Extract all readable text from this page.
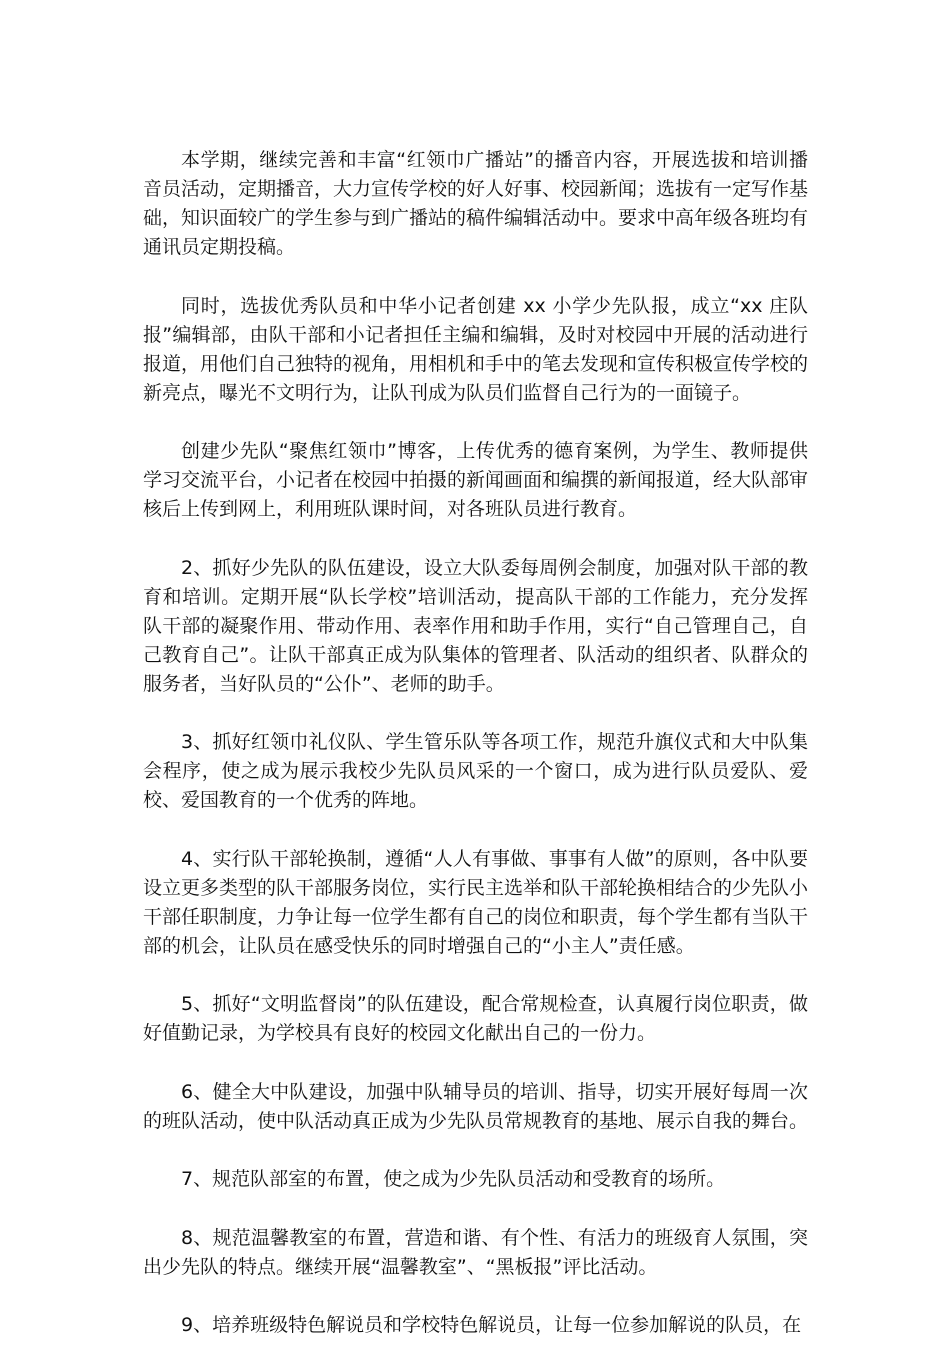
本学期，继续完善和丰富“红领巾广播站”的播音内容，开展选拔和培训播音员活动，定期播音，大力宣传学校的好人好事、校园新闻；选拔有一定写作基础，知识面较广的学生参与到广播站的稿件编辑活动中。要求中高年级各班均有通讯员定期投稿。

同时，选拔优秀队员和中华小记者创建 xx 小学少先队报，成立“xx 庄队报”编辑部，由队干部和小记者担任主编和编辑，及时对校园中开展的活动进行报道，用他们自己独特的视角，用相机和手中的笔去发现和宣传积极宣传学校的新亮点，曝光不文明行为，让队刊成为队员们监督自己行为的一面镜子。

创建少先队“聚焦红领巾”博客，上传优秀的德育案例，为学生、教师提供学习交流平台，小记者在校园中拍摄的新闻画面和编撰的新闻报道，经大队部审核后上传到网上，利用班队课时间，对各班队员进行教育。

2、抓好少先队的队伍建设，设立大队委每周例会制度，加强对队干部的教育和培训。定期开展“队长学校”培训活动，提高队干部的工作能力，充分发挥队干部的凝聚作用、带动作用、表率作用和助手作用，实行“自己管理自己，自己教育自己”。让队干部真正成为队集体的管理者、队活动的组织者、队群众的服务者，当好队员的“公仆”、老师的助手。

3、抓好红领巾礼仪队、学生管乐队等各项工作，规范升旗仪式和大中队集会程序，使之成为展示我校少先队员风采的一个窗口，成为进行队员爱队、爱校、爱国教育的一个优秀的阵地。

4、实行队干部轮换制，遵循“人人有事做、事事有人做”的原则，各中队要设立更多类型的队干部服务岗位，实行民主选举和队干部轮换相结合的少先队小干部任职制度，力争让每一位学生都有自己的岗位和职责，每个学生都有当队干部的机会，让队员在感受快乐的同时增强自己的“小主人”责任感。

5、抓好“文明监督岗”的队伍建设，配合常规检查，认真履行岗位职责，做好值勤记录，为学校具有良好的校园文化献出自己的一份力。

6、健全大中队建设，加强中队辅导员的培训、指导，切实开展好每周一次的班队活动，使中队活动真正成为少先队员常规教育的基地、展示自我的舞台。

7、规范队部室的布置，使之成为少先队员活动和受教育的场所。

8、规范温馨教室的布置，营造和谐、有个性、有活力的班级育人氛围，突出少先队的特点。继续开展“温馨教室”、“黑板报”评比活动。

9、培养班级特色解说员和学校特色解说员，让每一位参加解说的队员，在
